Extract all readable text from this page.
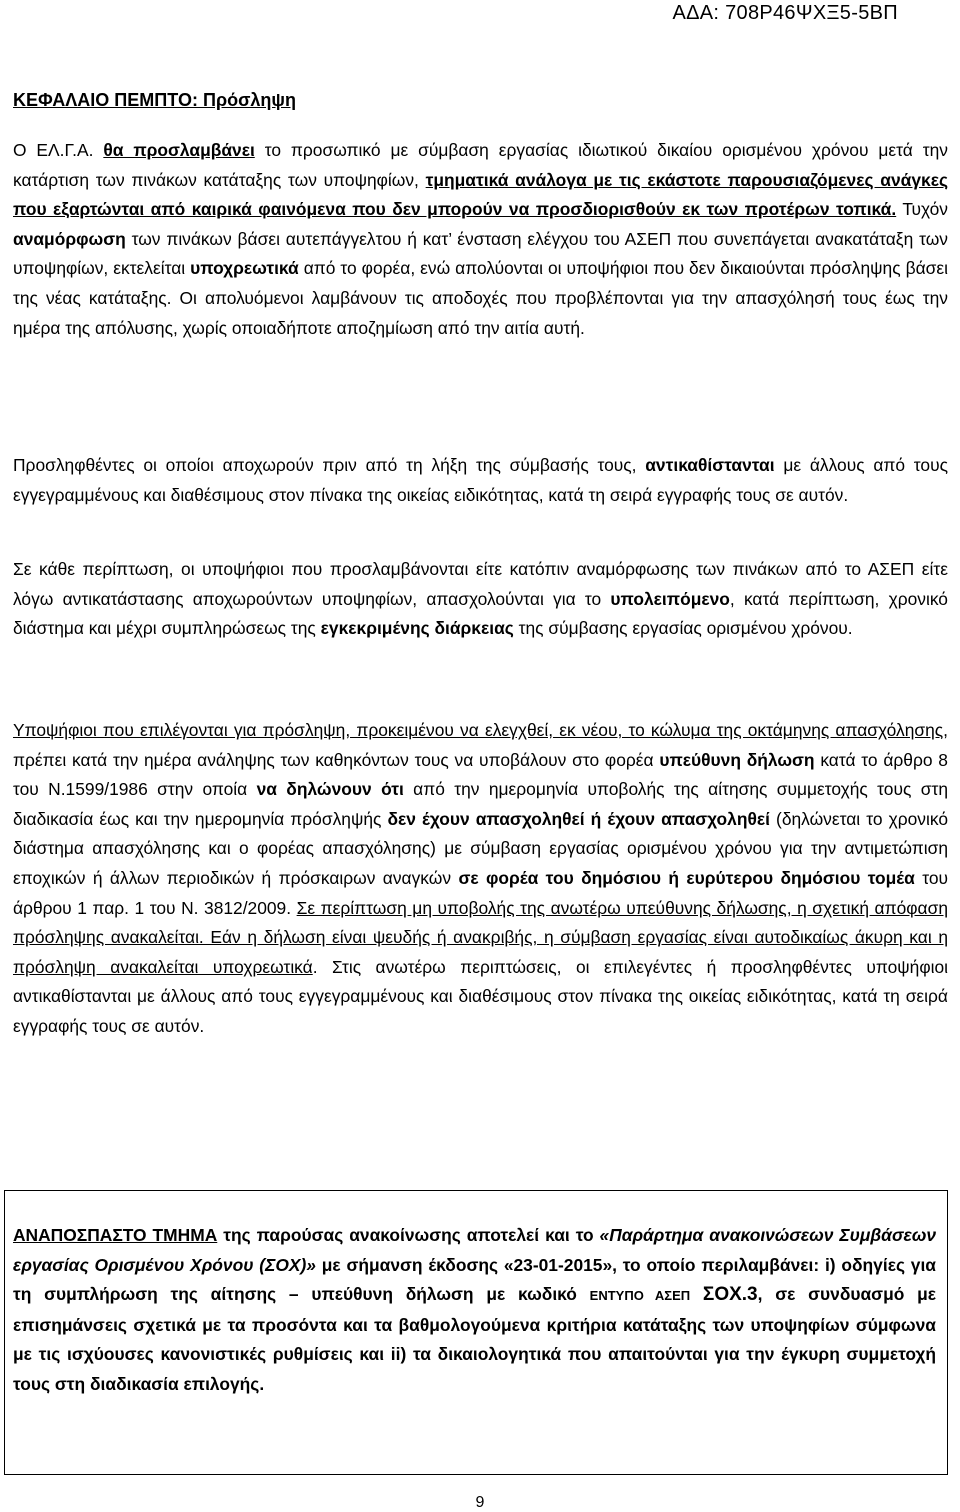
ΑΔΑ: 708Ρ46ΨΧΞ5-5ΒΠ
ΚΕΦΑΛΑΙΟ ΠΕΜΠΤΟ: Πρόσληψη
Ο ΕΛ.Γ.Α. θα προσλαμβάνει το προσωπικό με σύμβαση εργασίας ιδιωτικού δικαίου ορισμένου χρόνου μετά την κατάρτιση των πινάκων κατάταξης των υποψηφίων, τμηματικά ανάλογα με τις εκάστοτε παρουσιαζόμενες ανάγκες που εξαρτώνται από καιρικά φαινόμενα που δεν μπορούν να προσδιορισθούν εκ των προτέρων τοπικά. Τυχόν αναμόρφωση των πινάκων βάσει αυτεπάγγελτου ή κατ’ ένσταση ελέγχου του ΑΣΕΠ που συνεπάγεται ανακατάταξη των υποψηφίων, εκτελείται υποχρεωτικά από το φορέα, ενώ απολύονται οι υποψήφιοι που δεν δικαιούνται πρόσληψης βάσει της νέας κατάταξης. Οι απολυόμενοι λαμβάνουν τις αποδοχές που προβλέπονται για την απασχόλησή τους έως την ημέρα της απόλυσης, χωρίς οποιαδήποτε αποζημίωση από την αιτία αυτή.
Προσληφθέντες οι οποίοι αποχωρούν πριν από τη λήξη της σύμβασής τους, αντικαθίστανται με άλλους από τους εγγεγραμμένους και διαθέσιμους στον πίνακα της οικείας ειδικότητας, κατά τη σειρά εγγραφής τους σε αυτόν.
Σε κάθε περίπτωση, οι υποψήφιοι που προσλαμβάνονται είτε κατόπιν αναμόρφωσης των πινάκων από το ΑΣΕΠ είτε λόγω αντικατάστασης αποχωρούντων υποψηφίων, απασχολούνται για το υπολειπόμενο, κατά περίπτωση, χρονικό διάστημα και μέχρι συμπληρώσεως της εγκεκριμένης διάρκειας της σύμβασης εργασίας ορισμένου χρόνου.
Υποψήφιοι που επιλέγονται για πρόσληψη, προκειμένου να ελεγχθεί, εκ νέου, το κώλυμα της οκτάμηνης απασχόλησης, πρέπει κατά την ημέρα ανάληψης των καθηκόντων τους να υποβάλουν στο φορέα υπεύθυνη δήλωση κατά το άρθρο 8 του Ν.1599/1986 στην οποία να δηλώνουν ότι από την ημερομηνία υποβολής της αίτησης συμμετοχής τους στη διαδικασία έως και την ημερομηνία πρόσληψής δεν έχουν απασχοληθεί ή έχουν απασχοληθεί (δηλώνεται το χρονικό διάστημα απασχόλησης και ο φορέας απασχόλησης) με σύμβαση εργασίας ορισμένου χρόνου για την αντιμετώπιση εποχικών ή άλλων περιοδικών ή πρόσκαιρων αναγκών σε φορέα του δημόσιου ή ευρύτερου δημόσιου τομέα του άρθρου 1 παρ. 1 του Ν. 3812/2009. Σε περίπτωση μη υποβολής της ανωτέρω υπεύθυνης δήλωσης, η σχετική απόφαση πρόσληψης ανακαλείται. Εάν η δήλωση είναι ψευδής ή ανακριβής, η σύμβαση εργασίας είναι αυτοδικαίως άκυρη και η πρόσληψη ανακαλείται υποχρεωτικά. Στις ανωτέρω περιπτώσεις, οι επιλεγέντες ή προσληφθέντες υποψήφιοι αντικαθίστανται με άλλους από τους εγγεγραμμένους και διαθέσιμους στον πίνακα της οικείας ειδικότητας, κατά τη σειρά εγγραφής τους σε αυτόν.
ΑΝΑΠΟΣΠΑΣΤΟ ΤΜΗΜΑ της παρούσας ανακοίνωσης αποτελεί και το «Παράρτημα ανακοινώσεων Συμβάσεων εργασίας Ορισμένου Χρόνου (ΣΟΧ)» με σήμανση έκδοσης «23-01-2015», το οποίο περιλαμβάνει: i) οδηγίες για τη συμπλήρωση της αίτησης – υπεύθυνη δήλωση με κωδικό ΕΝΤΥΠΟ ΑΣΕΠ ΣΟΧ.3, σε συνδυασμό με επισημάνσεις σχετικά με τα προσόντα και τα βαθμολογούμενα κριτήρια κατάταξης των υποψηφίων σύμφωνα με τις ισχύουσες κανονιστικές ρυθμίσεις και ii) τα δικαιολογητικά που απαιτούνται για την έγκυρη συμμετοχή τους στη διαδικασία επιλογής.
9
